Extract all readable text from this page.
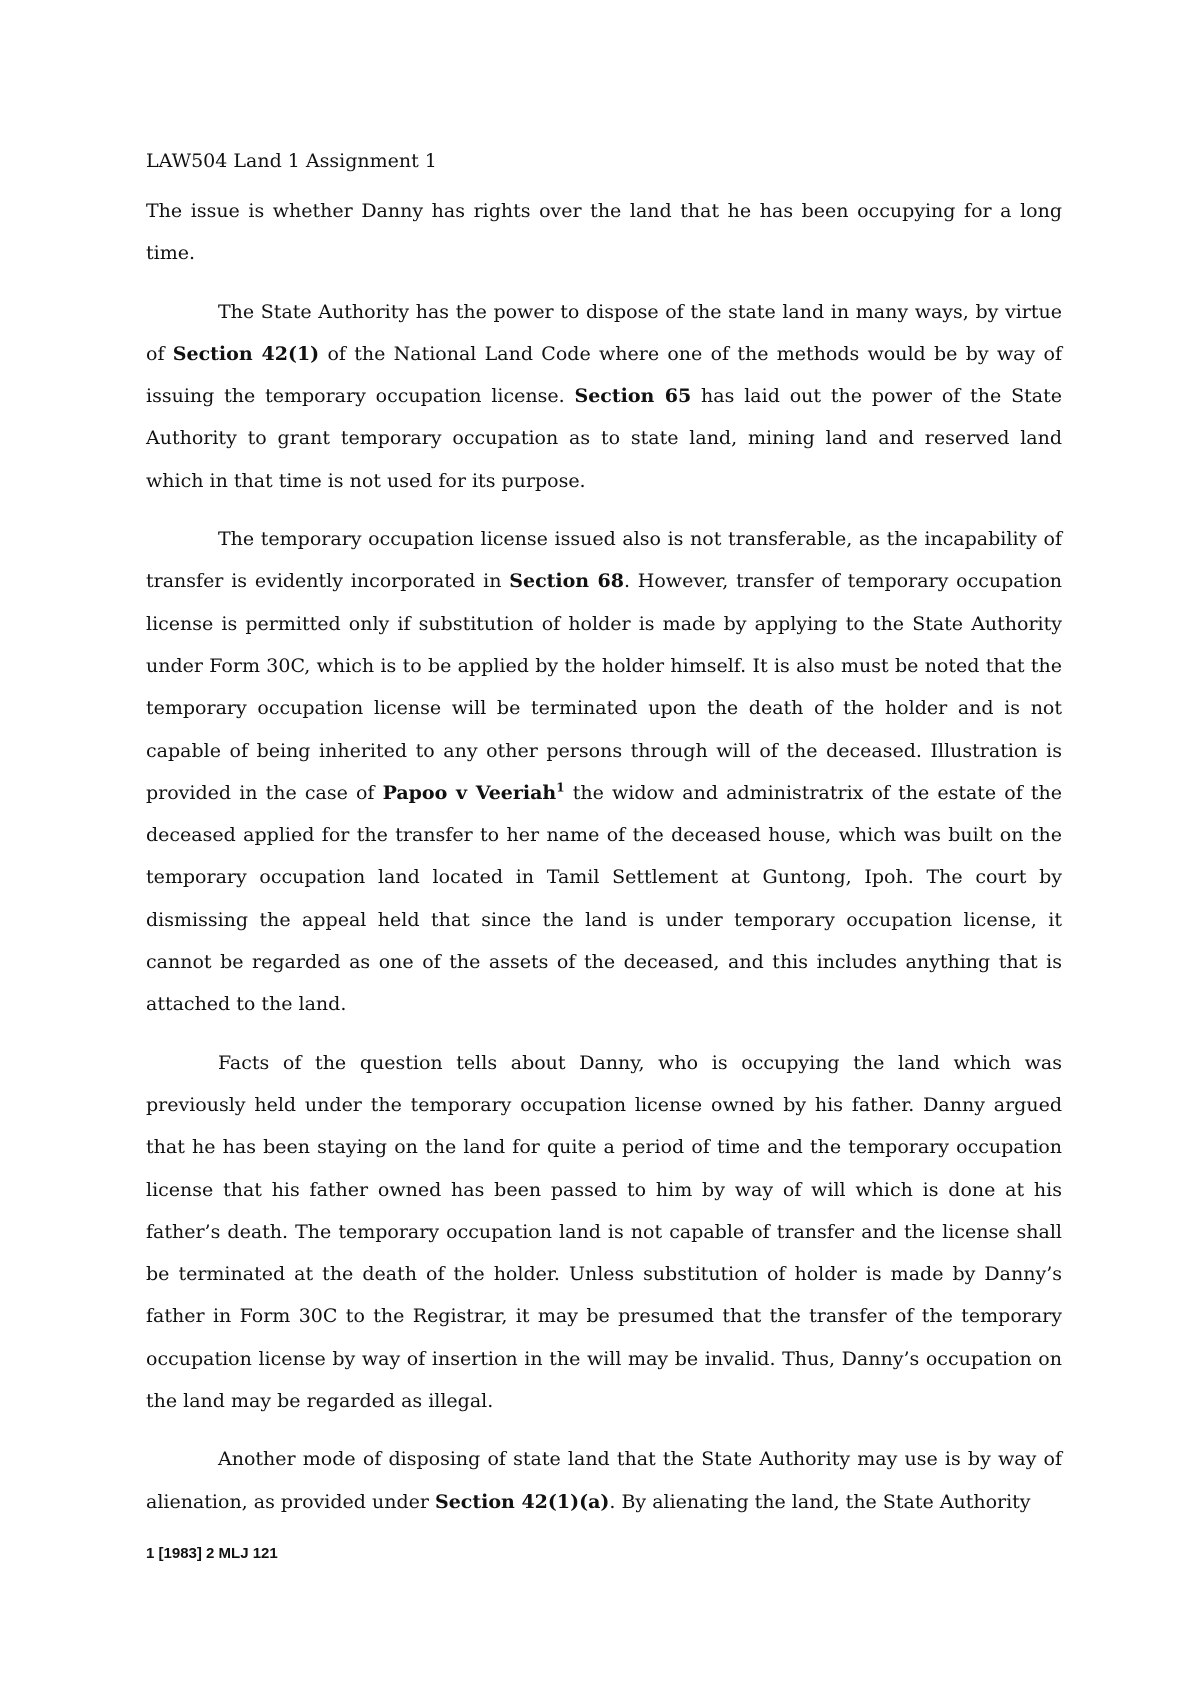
LAW504 Land 1 Assignment 1

The issue is whether Danny has rights over the land that he has been occupying for a long time.

The State Authority has the power to dispose of the state land in many ways, by virtue of Section 42(1) of the National Land Code where one of the methods would be by way of issuing the temporary occupation license. Section 65 has laid out the power of the State Authority to grant temporary occupation as to state land, mining land and reserved land which in that time is not used for its purpose.

The temporary occupation license issued also is not transferable, as the incapability of transfer is evidently incorporated in Section 68. However, transfer of temporary occupation license is permitted only if substitution of holder is made by applying to the State Authority under Form 30C, which is to be applied by the holder himself. It is also must be noted that the temporary occupation license will be terminated upon the death of the holder and is not capable of being inherited to any other persons through will of the deceased. Illustration is provided in the case of Papoo v Veeriah$^1$ the widow and administratrix of the estate of the deceased applied for the transfer to her name of the deceased house, which was built on the temporary occupation land located in Tamil Settlement at Guntong, Ipoh. The court by dismissing the appeal held that since the land is under temporary occupation license, it cannot be regarded as one of the assets of the deceased, and this includes anything that is attached to the land.

Facts of the question tells about Danny, who is occupying the land which was previously held under the temporary occupation license owned by his father. Danny argued that he has been staying on the land for quite a period of time and the temporary occupation license that his father owned has been passed to him by way of will which is done at his father’s death. The temporary occupation land is not capable of transfer and the license shall be terminated at the death of the holder. Unless substitution of holder is made by Danny’s father in Form 30C to the Registrar, it may be presumed that the transfer of the temporary occupation license by way of insertion in the will may be invalid. Thus, Danny’s occupation on the land may be regarded as illegal.

Another mode of disposing of state land that the State Authority may use is by way of alienation, as provided under Section 42(1)(a). By alienating the land, the State Authority

1 [1983] 2 MLJ 121
